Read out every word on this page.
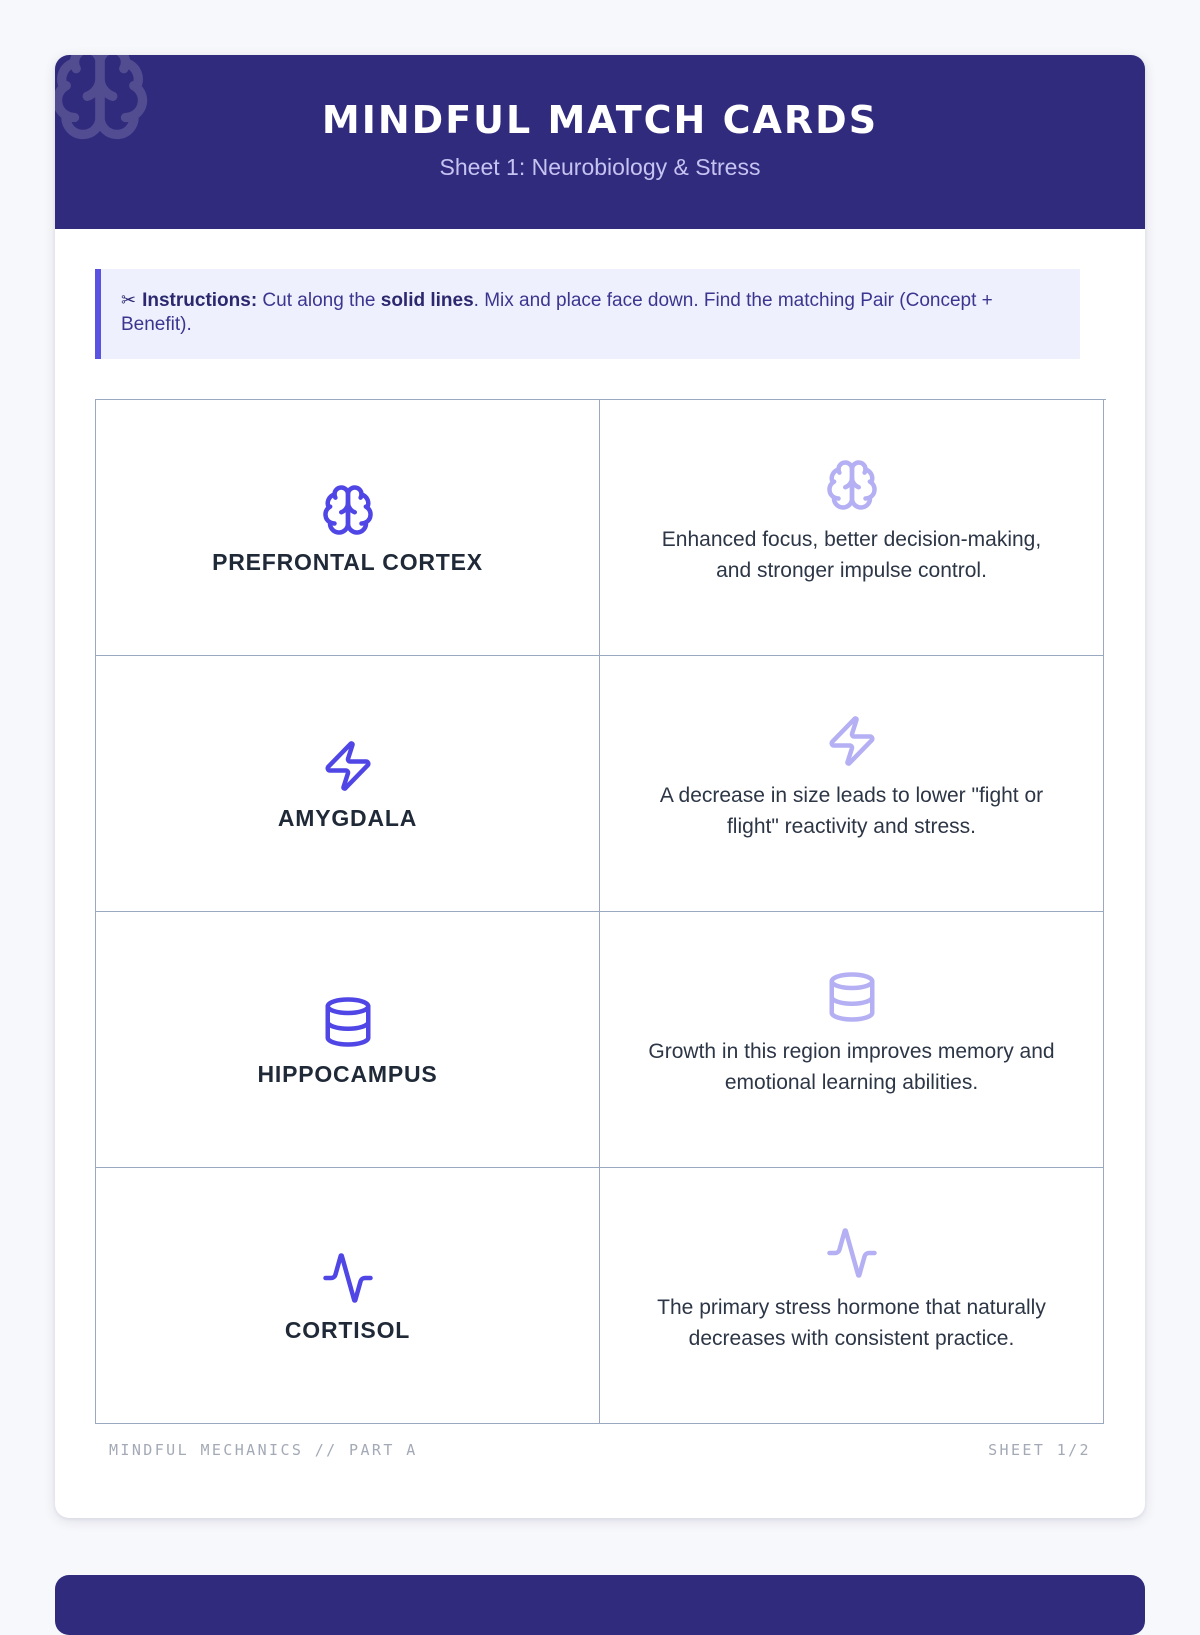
MINDFUL MATCH CARDS
Sheet 1: Neurobiology & Stress
✂ Instructions: Cut along the solid lines. Mix and place face down. Find the matching Pair (Concept + Benefit).
PREFRONTAL CORTEX
Enhanced focus, better decision-making, and stronger impulse control.
AMYGDALA
A decrease in size leads to lower "fight or flight" reactivity and stress.
HIPPOCAMPUS
Growth in this region improves memory and emotional learning abilities.
CORTISOL
The primary stress hormone that naturally decreases with consistent practice.
MINDFUL MECHANICS // PART A	SHEET 1/2
